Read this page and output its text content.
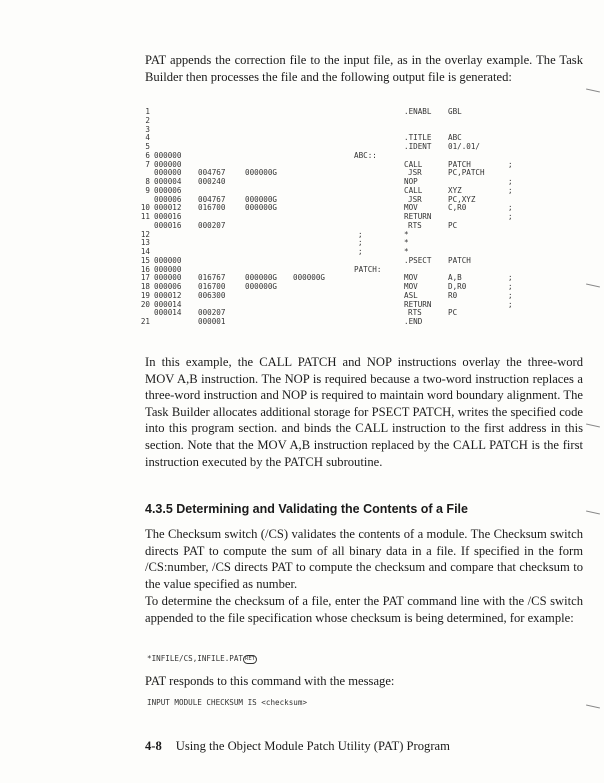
PAT appends the correction file to the input file, as in the overlay example. The Task Builder then processes the file and the following output file is generated:

1	.ENABL GBL
2
3
4	.TITLE ABC
5	.IDENT 01/.01/
6 000000	ABC::
7 000000	CALL	PATCH	;
000000 004767	000000G	JSR	PC,PATCH
8 000004 000240	NOP	;
9 000006	CALL	XYZ	;
000006 004767	000000G	JSR	PC,XYZ
10 000012 016700	000000G	MOV	C,R0	;
11 000016	RETURN	;
000016 000207	RTS	PC
12	;	*
13	;	*
14	;	*
15 000000	.PSECT PATCH
16 000000	PATCH:
17 000000 016767	000000G 000000G	MOV	A,B	;
18 000006 016700	000000G	MOV	D,R0	;
19 000012 006300	ASL	R0	;
20 000014	RETURN	;
000014 000207	RTS	PC
21	000001	.END

In this example, the CALL PATCH and NOP instructions overlay the three-word MOV A,B instruction. The NOP is required because a two-word instruction replaces a three-word instruction and NOP is required to maintain word boundary alignment. The Task Builder allocates additional storage for PSECT PATCH, writes the specified code into this program section. and binds the CALL instruction to the first address in this section. Note that the MOV A,B instruction replaced by the CALL PATCH is the first instruction executed by the PATCH subroutine.

4.3.5 Determining and Validating the Contents of a File

The Checksum switch (/CS) validates the contents of a module. The Checksum switch directs PAT to compute the sum of all binary data in a file. If specified in the form /CS:number, /CS directs PAT to compute the checksum and compare that checksum to the value specified as number.

To determine the checksum of a file, enter the PAT command line with the /CS switch appended to the file specification whose checksum is being determined, for example:

*INFILE/CS,INFILE.PAT RET

PAT responds to this command with the message:

INPUT MODULE CHECKSUM IS <checksum>
4-8 Using the Object Module Patch Utility (PAT) Program
